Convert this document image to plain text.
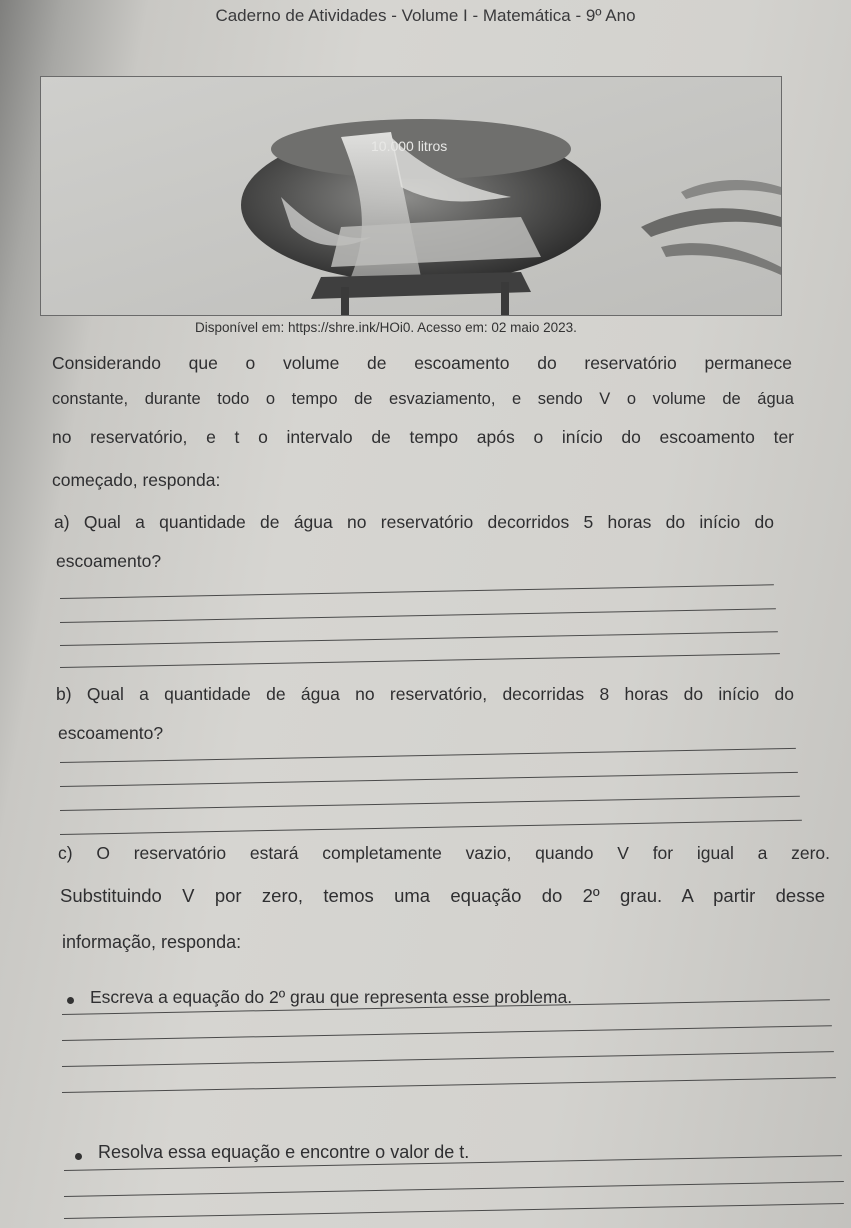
Caderno de Atividades - Volume I - Matemática - 9º Ano
10.000 litros
Disponível em: https://shre.ink/HOi0. Acesso em: 02 maio 2023.
Considerando que o volume de escoamento do reservatório permanece
constante, durante todo o tempo de esvaziamento, e sendo V o volume de água
no reservatório, e t o intervalo de tempo após o início do escoamento ter
começado, responda:
a) Qual a quantidade de água no reservatório decorridos 5 horas do início do
escoamento?
b) Qual a quantidade de água no reservatório, decorridas 8 horas do início do
escoamento?
c) O reservatório estará completamente vazio, quando V for igual a zero.
Substituindo V por zero, temos uma equação do 2º grau. A partir desse
informação, responda:
Escreva a equação do 2º grau que representa esse problema.
Resolva essa equação e encontre o valor de t.
